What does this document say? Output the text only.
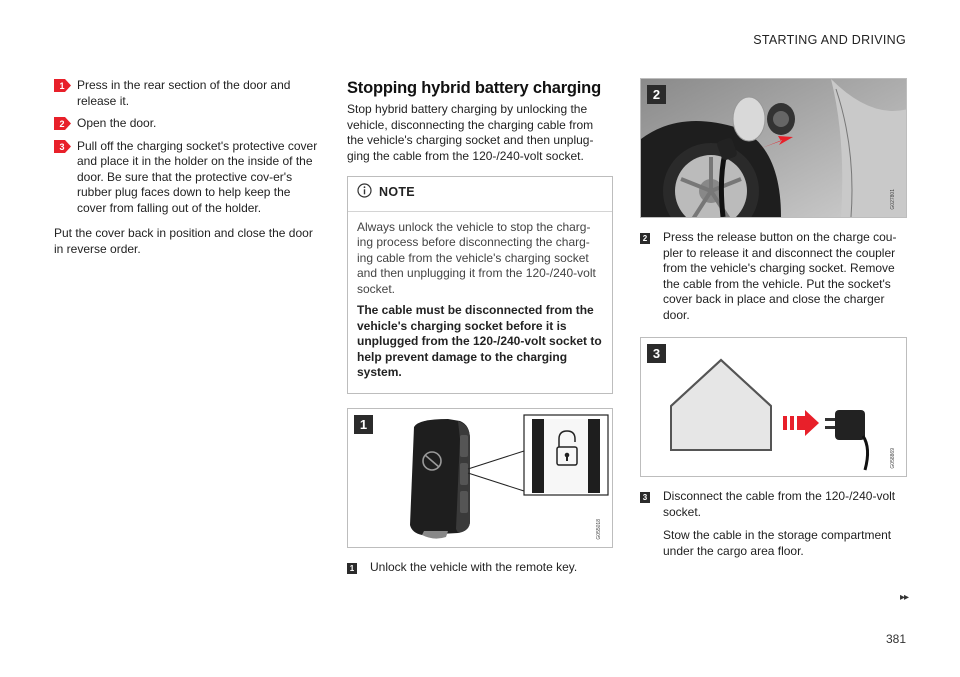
STARTING AND DRIVING
1 Press in the rear section of the door and release it.
2 Open the door.
3 Pull off the charging socket's protective cover and place it in the holder on the inside of the door. Be sure that the protective cov-er's rubber plug faces down to help keep the cover from falling out of the holder.
Put the cover back in position and close the door in reverse order.
Stopping hybrid battery charging
Stop hybrid battery charging by unlocking the vehicle, disconnecting the charging cable from the vehicle's charging socket and then unplug-ging the cable from the 120-/240-volt socket.
NOTE
Always unlock the vehicle to stop the charg-ing process before disconnecting the charg-ing cable from the vehicle's charging socket and then unplugging it from the 120-/240-volt socket.
The cable must be disconnected from the vehicle's charging socket before it is unplugged from the 120-/240-volt socket to help prevent damage to the charging system.
1
G055018
1 Unlock the vehicle with the remote key.
2
G027801
2 Press the release button on the charge cou-pler to release it and disconnect the coupler from the vehicle's charging socket. Remove the cable from the vehicle. Put the socket's cover back in place and close the charger door.
3
G058869
3 Disconnect the cable from the 120-/240-volt socket.
Stow the cable in the storage compartment under the cargo area floor.
▸▸
381
